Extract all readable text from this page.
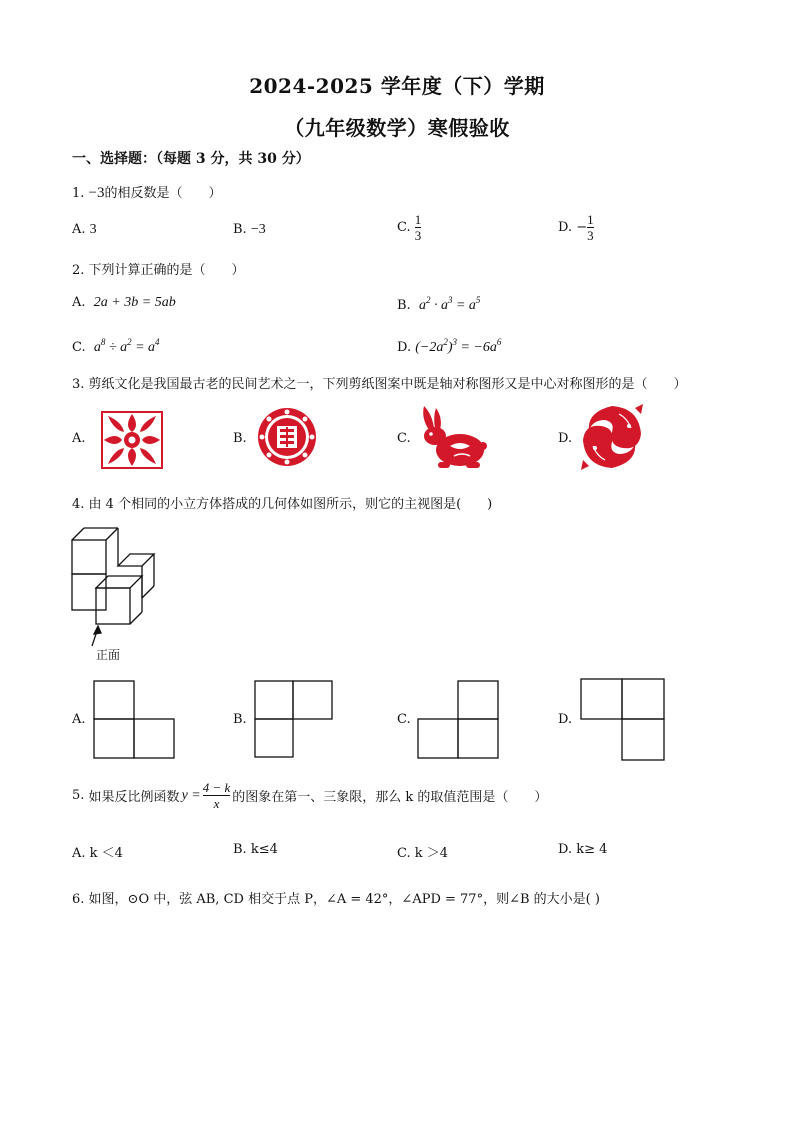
2024-2025 学年度（下）学期
（九年级数学）寒假验收
一、选择题：（每题 3 分，共 30 分）
1. −3的相反数是（　　）
A. 3	B. −3	C. $\frac{1}{3}$	D. − $\frac{1}{3}$
2. 下列计算正确的是（　　）
A. 2a + 3b = 5ab	B. $a^2 \cdot a^3 = a^5$
C. $a^8 \div a^2 = a^4$	D. $(-2a^2)^3 = -6a^6$
3. 剪纸文化是我国最古老的民间艺术之一，下列剪纸图案中既是轴对称图形又是中心对称图形的是（　　）
A.	B.	C.	D.
4. 由 4 个相同的小立方体搭成的几何体如图所示，则它的主视图是(　　)
正面
A.	B.	C.	D.
5.
如果反比例函数 $y = \frac{4 - k}{x}$ 的图象在第一、三象限，那么 k 的取值范围是（　　）
A. k ＜4	B. k≤4	C. k ＞4	D. k≥ 4
6. 如图，⊙O 中，弦 AB, CD 相交于点 P，∠A = 42°，∠APD = 77°，则∠B 的大小是( )
